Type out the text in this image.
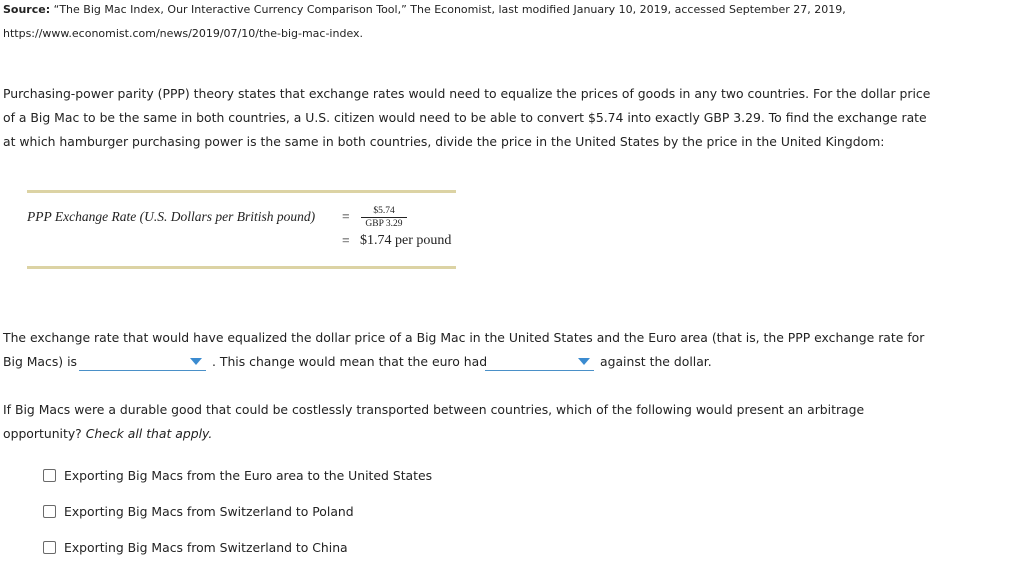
Source: “The Big Mac Index, Our Interactive Currency Comparison Tool,” The Economist, last modified January 10, 2019, accessed September 27, 2019,
https://www.economist.com/news/2019/07/10/the-big-mac-index.
Purchasing-power parity (PPP) theory states that exchange rates would need to equalize the prices of goods in any two countries. For the dollar price
of a Big Mac to be the same in both countries, a U.S. citizen would need to be able to convert $5.74 into exactly GBP 3.29. To find the exchange rate
at which hamburger purchasing power is the same in both countries, divide the price in the United States by the price in the United Kingdom:
PPP Exchange Rate (U.S. Dollars per British pound) =	$5.74
GBP 3.29
= $1.74 per pound
The exchange rate that would have equalized the dollar price of a Big Mac in the United States and the Euro area (that is, the PPP exchange rate for
Big Macs) is	. This change would mean that the euro had	against the dollar.
If Big Macs were a durable good that could be costlessly transported between countries, which of the following would present an arbitrage
opportunity? Check all that apply.
Exporting Big Macs from the Euro area to the United States
Exporting Big Macs from Switzerland to Poland
Exporting Big Macs from Switzerland to China
